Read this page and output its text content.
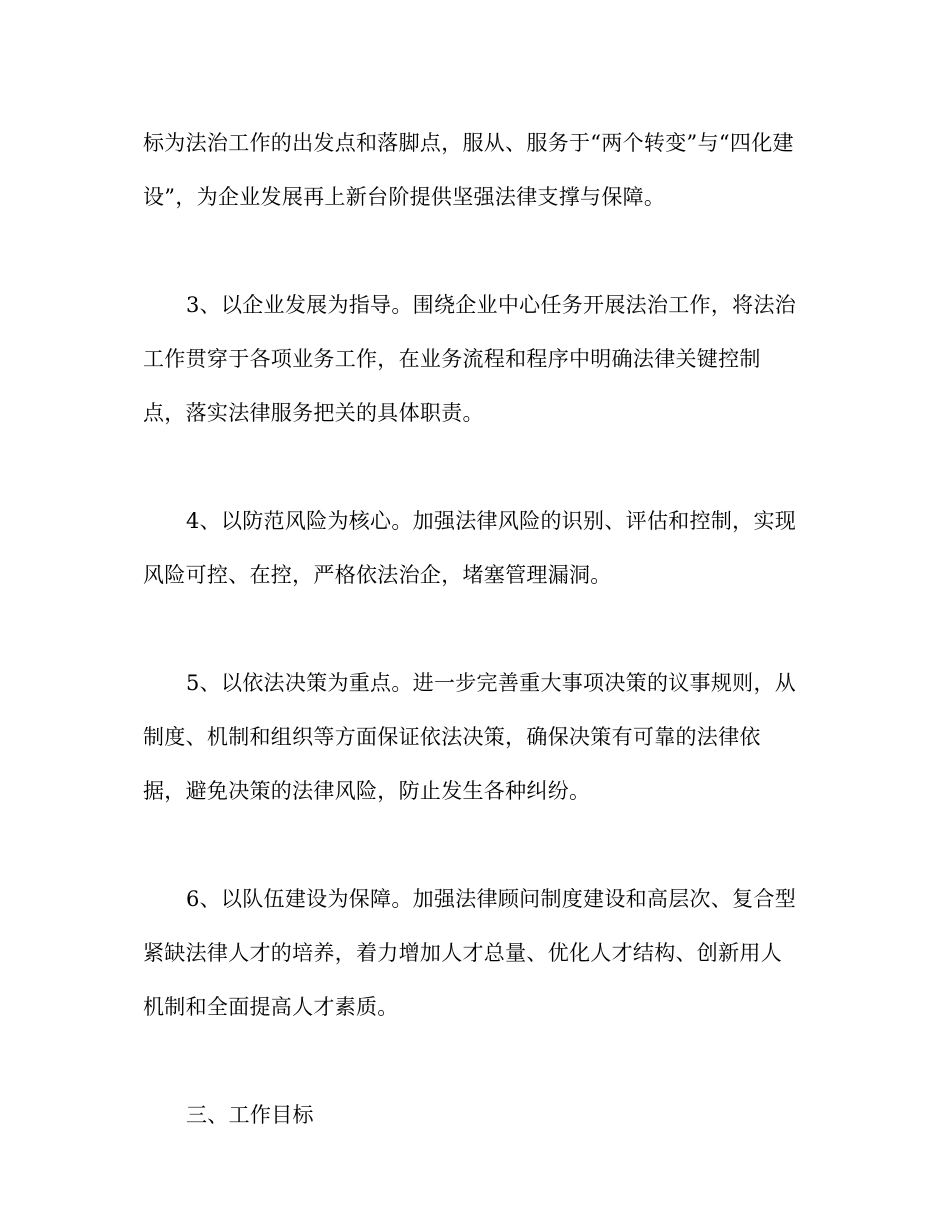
标为法治工作的出发点和落脚点，服从、服务于“两个转变”与“四化建
设”，为企业发展再上新台阶提供坚强法律支撑与保障。

3、以企业发展为指导。围绕企业中心任务开展法治工作，将法治
工作贯穿于各项业务工作，在业务流程和程序中明确法律关键控制
点，落实法律服务把关的具体职责。

4、以防范风险为核心。加强法律风险的识别、评估和控制，实现
风险可控、在控，严格依法治企，堵塞管理漏洞。

5、以依法决策为重点。进一步完善重大事项决策的议事规则，从
制度、机制和组织等方面保证依法决策，确保决策有可靠的法律依
据，避免决策的法律风险，防止发生各种纠纷。

6、以队伍建设为保障。加强法律顾问制度建设和高层次、复合型
紧缺法律人才的培养，着力增加人才总量、优化人才结构、创新用人
机制和全面提高人才素质。

三、工作目标
